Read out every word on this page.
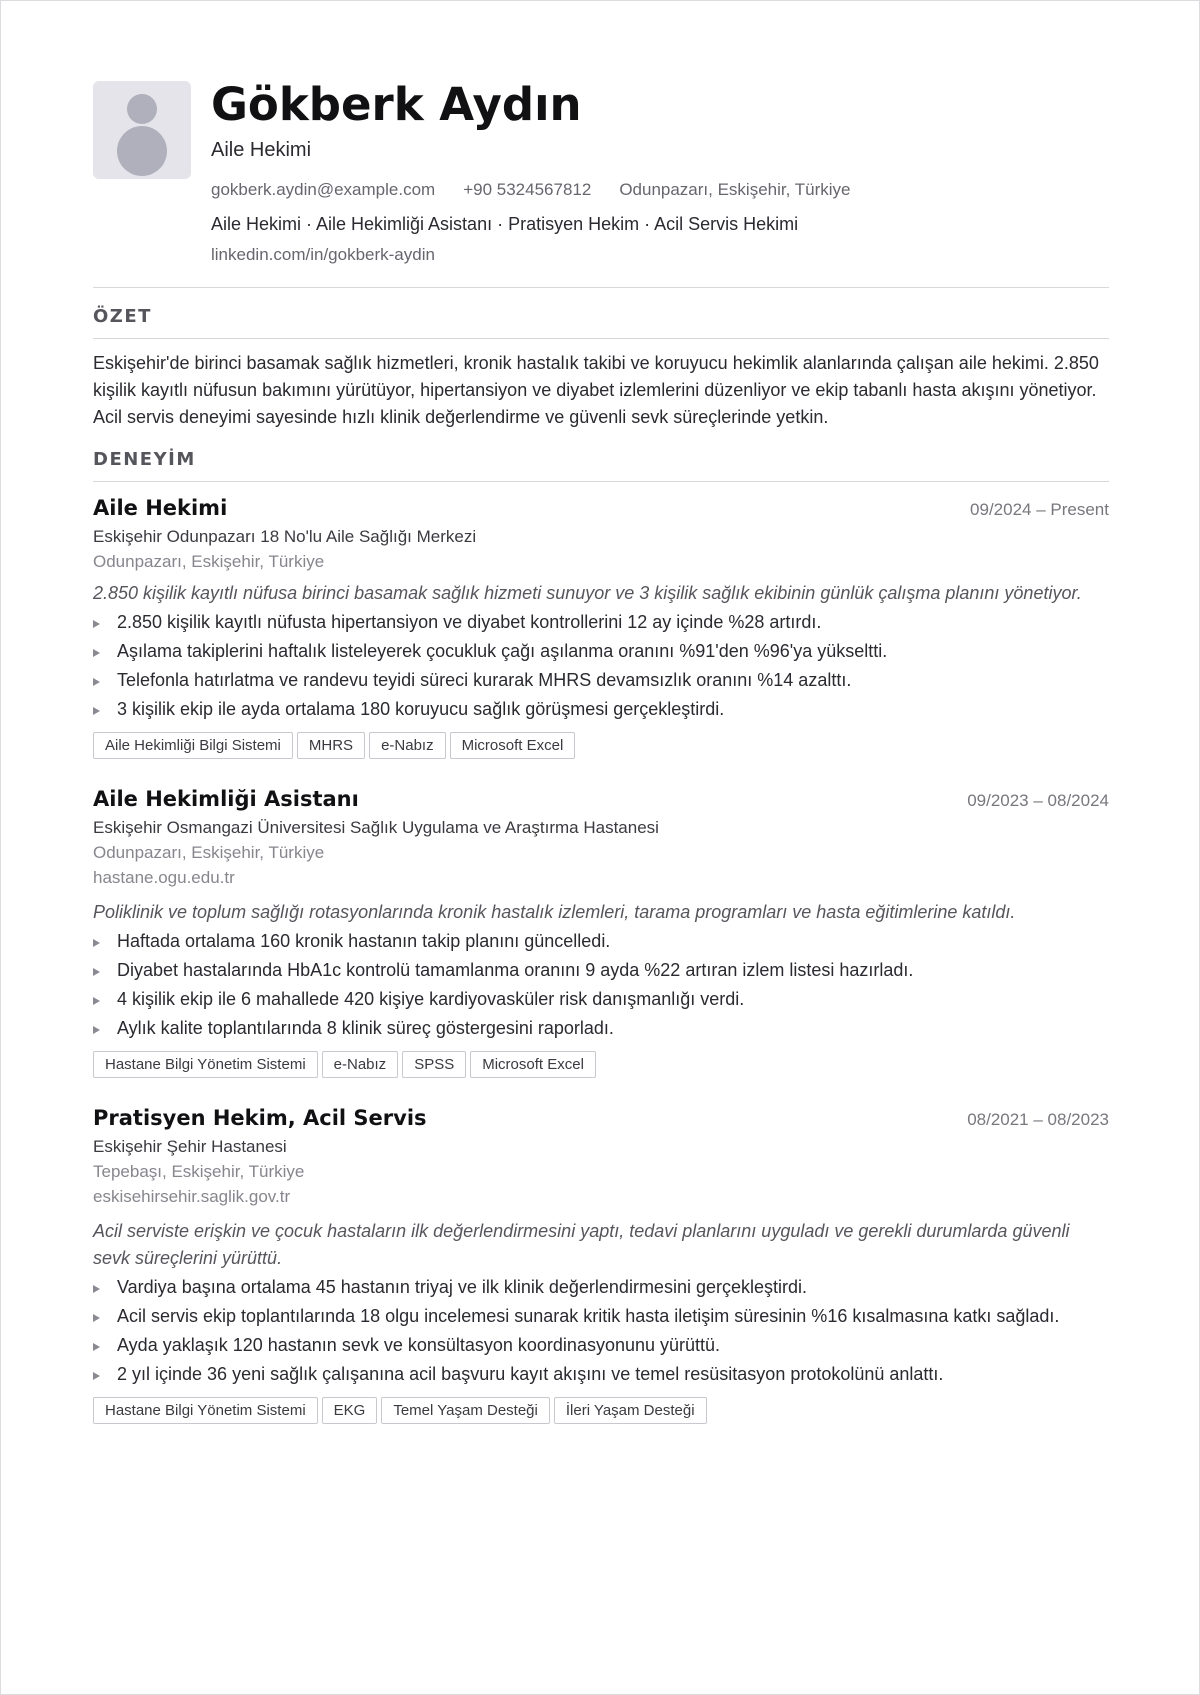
Gökberk Aydın
Aile Hekimi
gokberk.aydin@example.com +90 5324567812 Odunpazarı, Eskişehir, Türkiye
Aile Hekimi · Aile Hekimliği Asistanı · Pratisyen Hekim · Acil Servis Hekimi
linkedin.com/in/gokberk-aydin
ÖZET

Eskişehir'de birinci basamak sağlık hizmetleri, kronik hastalık takibi ve koruyucu hekimlik alanlarında çalışan aile hekimi. 2.850 kişilik kayıtlı nüfusun bakımını yürütüyor, hipertansiyon ve diyabet izlemlerini düzenliyor ve ekip tabanlı hasta akışını yönetiyor. Acil servis deneyimi sayesinde hızlı klinik değerlendirme ve güvenli sevk süreçlerinde yetkin.

DENEYİM
Aile Hekimi	09/2024 – Present
Eskişehir Odunpazarı 18 No'lu Aile Sağlığı Merkezi
Odunpazarı, Eskişehir, Türkiye

2.850 kişilik kayıtlı nüfusa birinci basamak sağlık hizmeti sunuyor ve 3 kişilik sağlık ekibinin günlük çalışma planını yönetiyor.

2.850 kişilik kayıtlı nüfusta hipertansiyon ve diyabet kontrollerini 12 ay içinde %28 artırdı.
Aşılama takiplerini haftalık listeleyerek çocukluk çağı aşılanma oranını %91'den %96'ya yükseltti.
Telefonla hatırlatma ve randevu teyidi süreci kurarak MHRS devamsızlık oranını %14 azalttı.
3 kişilik ekip ile ayda ortalama 180 koruyucu sağlık görüşmesi gerçekleştirdi.
Aile Hekimliği Bilgi Sistemi	MHRS	e-Nabız	Microsoft Excel
Aile Hekimliği Asistanı	09/2023 – 08/2024
Eskişehir Osmangazi Üniversitesi Sağlık Uygulama ve Araştırma Hastanesi
Odunpazarı, Eskişehir, Türkiye
hastane.ogu.edu.tr

Poliklinik ve toplum sağlığı rotasyonlarında kronik hastalık izlemleri, tarama programları ve hasta eğitimlerine katıldı.

Haftada ortalama 160 kronik hastanın takip planını güncelledi.
Diyabet hastalarında HbA1c kontrolü tamamlanma oranını 9 ayda %22 artıran izlem listesi hazırladı.
4 kişilik ekip ile 6 mahallede 420 kişiye kardiyovasküler risk danışmanlığı verdi.
Aylık kalite toplantılarında 8 klinik süreç göstergesini raporladı.
Hastane Bilgi Yönetim Sistemi	e-Nabız	SPSS	Microsoft Excel
Pratisyen Hekim, Acil Servis	08/2021 – 08/2023
Eskişehir Şehir Hastanesi
Tepebaşı, Eskişehir, Türkiye
eskisehirsehir.saglik.gov.tr

Acil serviste erişkin ve çocuk hastaların ilk değerlendirmesini yaptı, tedavi planlarını uyguladı ve gerekli durumlarda güvenli sevk süreçlerini yürüttü.

Vardiya başına ortalama 45 hastanın triyaj ve ilk klinik değerlendirmesini gerçekleştirdi.
Acil servis ekip toplantılarında 18 olgu incelemesi sunarak kritik hasta iletişim süresinin %16 kısalmasına katkı sağladı.
Ayda yaklaşık 120 hastanın sevk ve konsültasyon koordinasyonunu yürüttü.
2 yıl içinde 36 yeni sağlık çalışanına acil başvuru kayıt akışını ve temel resüsitasyon protokolünü anlattı.
Hastane Bilgi Yönetim Sistemi	EKG	Temel Yaşam Desteği	İleri Yaşam Desteği
